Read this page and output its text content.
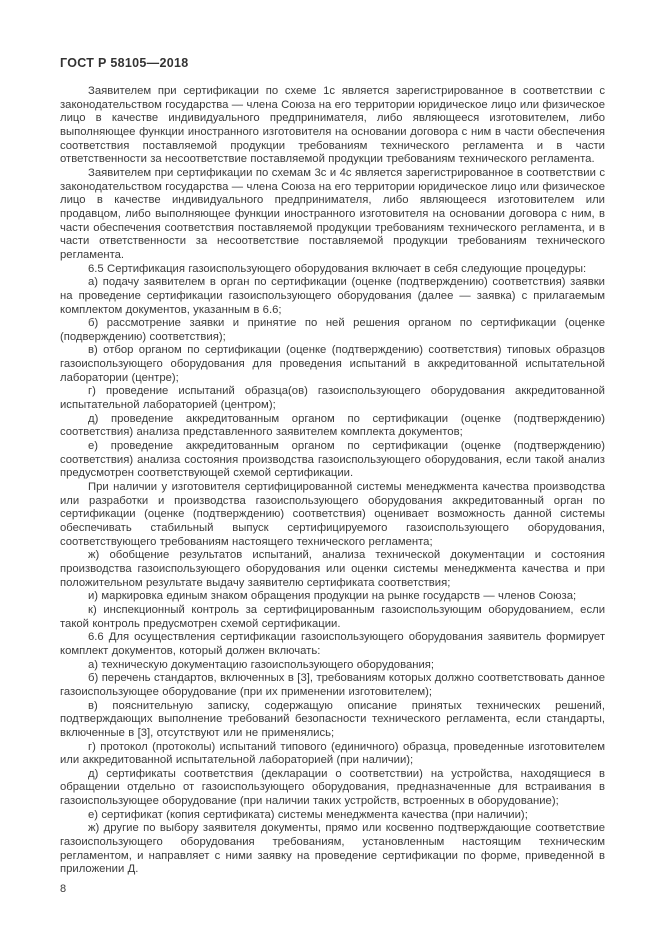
ГОСТ Р 58105—2018

Заявителем при сертификации по схеме 1с является зарегистрированное в соответствии с законодательством государства — члена Союза на его территории юридическое лицо или физическое лицо в качестве индивидуального предпринимателя, либо являющееся изготовителем, либо выполняющее функции иностранного изготовителя на основании договора с ним в части обеспечения соответствия поставляемой продукции требованиям технического регламента и в части ответственности за несоответствие поставляемой продукции требованиям технического регламента.

Заявителем при сертификации по схемам 3с и 4с является зарегистрированное в соответствии с законодательством государства — члена Союза на его территории юридическое лицо или физическое лицо в качестве индивидуального предпринимателя, либо являющееся изготовителем или продавцом, либо выполняющее функции иностранного изготовителя на основании договора с ним, в части обеспечения соответствия поставляемой продукции требованиям технического регламента, и в части ответственности за несоответствие поставляемой продукции требованиям технического регламента.

6.5 Сертификация газоиспользующего оборудования включает в себя следующие процедуры:

а) подачу заявителем в орган по сертификации (оценке (подтверждению) соответствия) заявки на проведение сертификации газоиспользующего оборудования (далее — заявка) с прилагаемым комплектом документов, указанным в 6.6;

б) рассмотрение заявки и принятие по ней решения органом по сертификации (оценке (подверждению) соответствия);

в) отбор органом по сертификации (оценке (подтверждению) соответствия) типовых образцов газоиспользующего оборудования для проведения испытаний в аккредитованной испытательной лаборатории (центре);

г) проведение испытаний образца(ов) газоиспользующего оборудования аккредитованной испытательной лабораторией (центром);

д) проведение аккредитованным органом по сертификации (оценке (подтверждению) соответствия) анализа представленного заявителем комплекта документов;

е) проведение аккредитованным органом по сертификации (оценке (подтверждению) соответствия) анализа состояния производства газоиспользующего оборудования, если такой анализ предусмотрен соответствующей схемой сертификации.

При наличии у изготовителя сертифицированной системы менеджмента качества производства или разработки и производства газоиспользующего оборудования аккредитованный орган по сертификации (оценке (подтверждению) соответствия) оценивает возможность данной системы обеспечивать стабильный выпуск сертифицируемого газоиспользующего оборудования, соответствующего требованиям настоящего технического регламента;

ж) обобщение результатов испытаний, анализа технической документации и состояния производства газоиспользующего оборудования или оценки системы менеджмента качества и при положительном результате выдачу заявителю сертификата соответствия;

и) маркировка единым знаком обращения продукции на рынке государств — членов Союза;

к) инспекционный контроль за сертифицированным газоиспользующим оборудованием, если такой контроль предусмотрен схемой сертификации.

6.6 Для осуществления сертификации газоиспользующего оборудования заявитель формирует комплект документов, который должен включать:

а) техническую документацию газоиспользующего оборудования;

б) перечень стандартов, включенных в [3], требованиям которых должно соответствовать данное газоиспользующее оборудование (при их применении изготовителем);

в) пояснительную записку, содержащую описание принятых технических решений, подтверждающих выполнение требований безопасности технического регламента, если стандарты, включенные в [3], отсутствуют или не применялись;

г) протокол (протоколы) испытаний типового (единичного) образца, проведенные изготовителем или аккредитованной испытательной лабораторией (при наличии);

д) сертификаты соответствия (декларации о соответствии) на устройства, находящиеся в обращении отдельно от газоиспользующего оборудования, предназначенные для встраивания в газоиспользующее оборудование (при наличии таких устройств, встроенных в оборудование);

е) сертификат (копия сертификата) системы менеджмента качества (при наличии);

ж) другие по выбору заявителя документы, прямо или косвенно подтверждающие соответствие газоиспользующего оборудования требованиям, установленным настоящим техническим регламентом, и направляет с ними заявку на проведение сертификации по форме, приведенной в приложении Д.

8
